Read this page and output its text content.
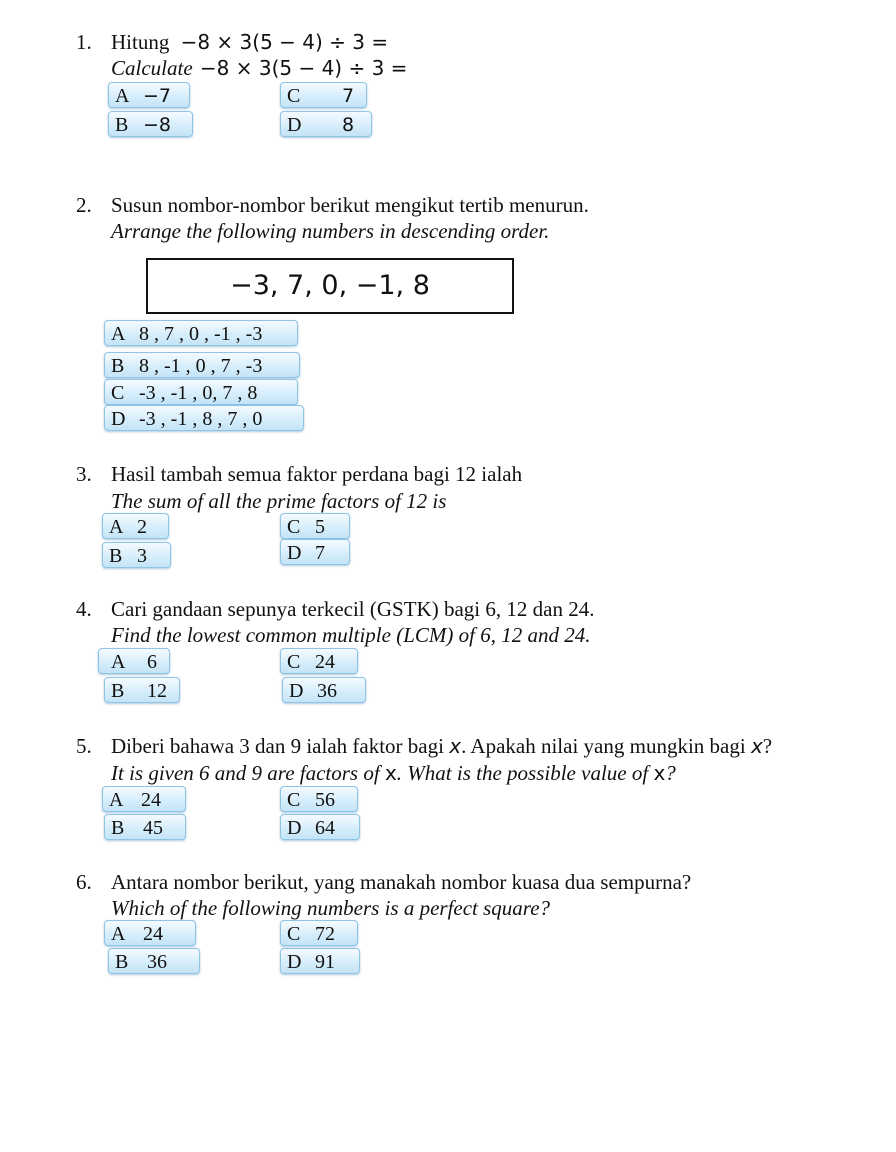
1. Hitung −8 × 3(5 − 4) ÷ 3 =
Calculate −8 × 3(5 − 4) ÷ 3 =
A −7
B −8
C 7
D 8
2. Susun nombor-nombor berikut mengikut tertib menurun.
Arrange the following numbers in descending order.
−3, 7, 0, −1, 8
A 8 , 7 , 0 , -1 , -3
B 8 , -1 , 0 , 7 , -3
C -3 , -1 , 0, 7 , 8
D -3 , -1 , 8 , 7 , 0
3. Hasil tambah semua faktor perdana bagi 12 ialah
The sum of all the prime factors of 12 is
A 2
B 3
C 5
D 7
4. Cari gandaan sepunya terkecil (GSTK) bagi 6, 12 dan 24.
Find the lowest common multiple (LCM) of 6, 12 and 24.
A 6
B 12
C 24
D 36
5. Diberi bahawa 3 dan 9 ialah faktor bagi x. Apakah nilai yang mungkin bagi x?
It is given 6 and 9 are factors of x. What is the possible value of x?
A 24
B 45
C 56
D 64
6. Antara nombor berikut, yang manakah nombor kuasa dua sempurna?
Which of the following numbers is a perfect square?
A 24
B 36
C 72
D 91
